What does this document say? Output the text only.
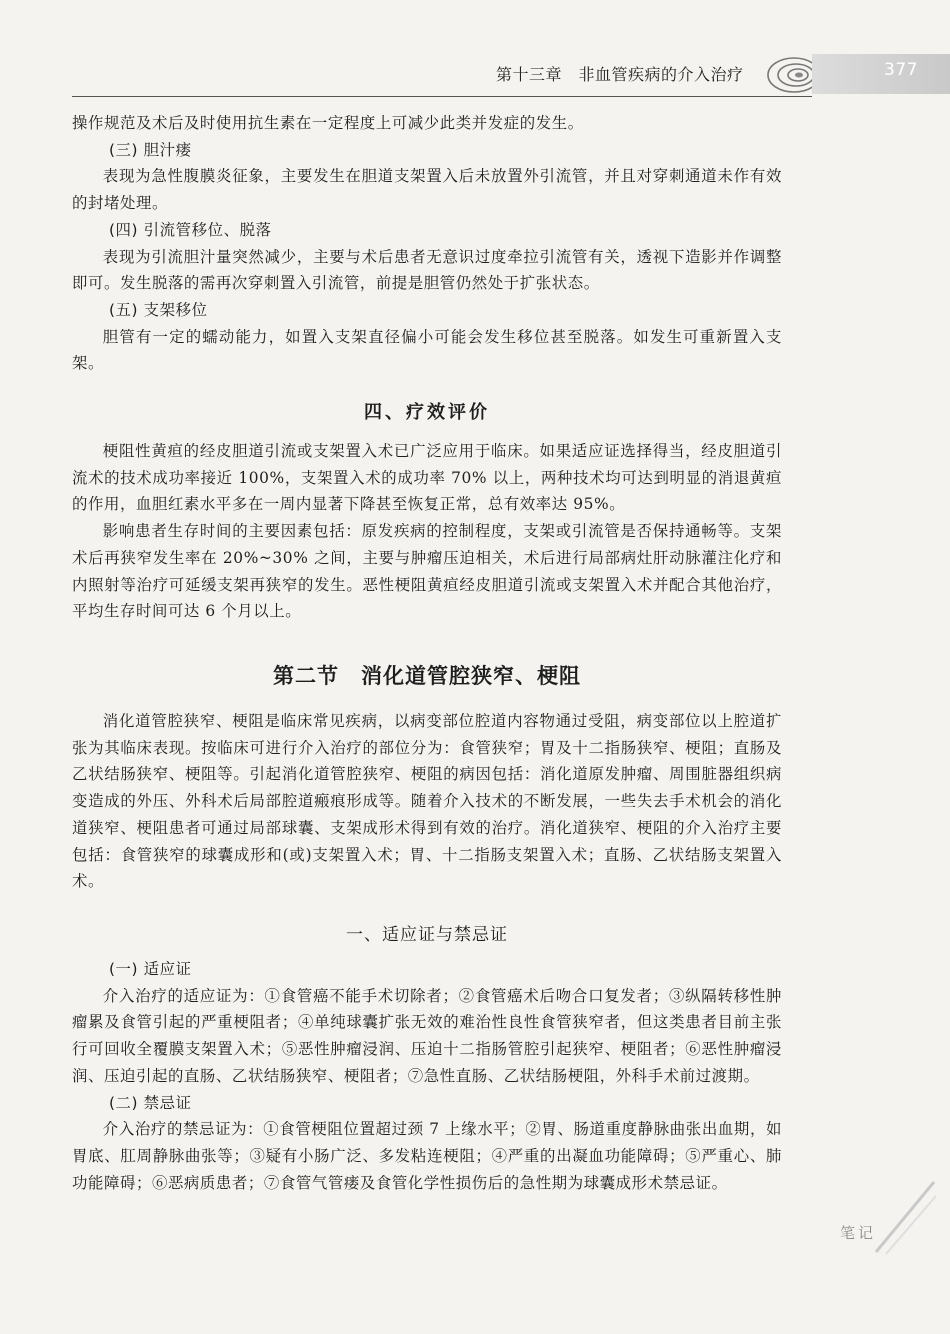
第十三章　非血管疾病的介入治疗	377

操作规范及术后及时使用抗生素在一定程度上可减少此类并发症的发生。

(三) 胆汁瘘

表现为急性腹膜炎征象，主要发生在胆道支架置入后未放置外引流管，并且对穿刺通道未作有效的封堵处理。

(四) 引流管移位、脱落

表现为引流胆汁量突然减少，主要与术后患者无意识过度牵拉引流管有关，透视下造影并作调整即可。发生脱落的需再次穿刺置入引流管，前提是胆管仍然处于扩张状态。

(五) 支架移位

胆管有一定的蠕动能力，如置入支架直径偏小可能会发生移位甚至脱落。如发生可重新置入支架。

四、疗效评价

梗阻性黄疸的经皮胆道引流或支架置入术已广泛应用于临床。如果适应证选择得当，经皮胆道引流术的技术成功率接近 100%，支架置入术的成功率 70% 以上，两种技术均可达到明显的消退黄疸的作用，血胆红素水平多在一周内显著下降甚至恢复正常，总有效率达 95%。

影响患者生存时间的主要因素包括：原发疾病的控制程度，支架或引流管是否保持通畅等。支架术后再狭窄发生率在 20%~30% 之间，主要与肿瘤压迫相关，术后进行局部病灶肝动脉灌注化疗和内照射等治疗可延缓支架再狭窄的发生。恶性梗阻黄疸经皮胆道引流或支架置入术并配合其他治疗，平均生存时间可达 6 个月以上。

第二节　消化道管腔狭窄、梗阻

消化道管腔狭窄、梗阻是临床常见疾病，以病变部位腔道内容物通过受阻，病变部位以上腔道扩张为其临床表现。按临床可进行介入治疗的部位分为：食管狭窄；胃及十二指肠狭窄、梗阻；直肠及乙状结肠狭窄、梗阻等。引起消化道管腔狭窄、梗阻的病因包括：消化道原发肿瘤、周围脏器组织病变造成的外压、外科术后局部腔道瘢痕形成等。随着介入技术的不断发展，一些失去手术机会的消化道狭窄、梗阻患者可通过局部球囊、支架成形术得到有效的治疗。消化道狭窄、梗阻的介入治疗主要包括：食管狭窄的球囊成形和(或)支架置入术；胃、十二指肠支架置入术；直肠、乙状结肠支架置入术。

一、适应证与禁忌证

(一) 适应证

介入治疗的适应证为：①食管癌不能手术切除者；②食管癌术后吻合口复发者；③纵隔转移性肿瘤累及食管引起的严重梗阻者；④单纯球囊扩张无效的难治性良性食管狭窄者，但这类患者目前主张行可回收全覆膜支架置入术；⑤恶性肿瘤浸润、压迫十二指肠管腔引起狭窄、梗阻者；⑥恶性肿瘤浸润、压迫引起的直肠、乙状结肠狭窄、梗阻者；⑦急性直肠、乙状结肠梗阻，外科手术前过渡期。

(二) 禁忌证

介入治疗的禁忌证为：①食管梗阻位置超过颈 7 上缘水平；②胃、肠道重度静脉曲张出血期，如胃底、肛周静脉曲张等；③疑有小肠广泛、多发粘连梗阻；④严重的出凝血功能障碍；⑤严重心、肺功能障碍；⑥恶病质患者；⑦食管气管瘘及食管化学性损伤后的急性期为球囊成形术禁忌证。

笔记
